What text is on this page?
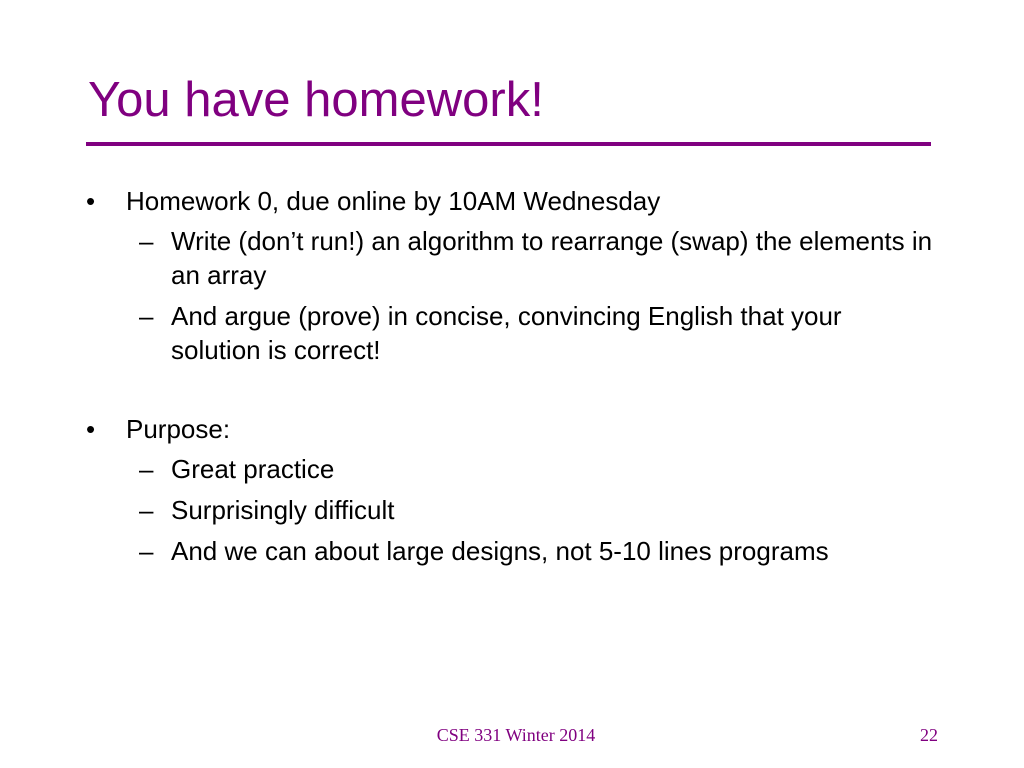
You have homework!
• Homework 0, due online by 10AM Wednesday
– Write (don’t run!) an algorithm to rearrange (swap) the elements in an array
– And argue (prove) in concise, convincing English that your solution is correct!
• Purpose:
– Great practice
– Surprisingly difficult
– And we can about large designs, not 5-10 lines programs
CSE 331 Winter 2014	22
